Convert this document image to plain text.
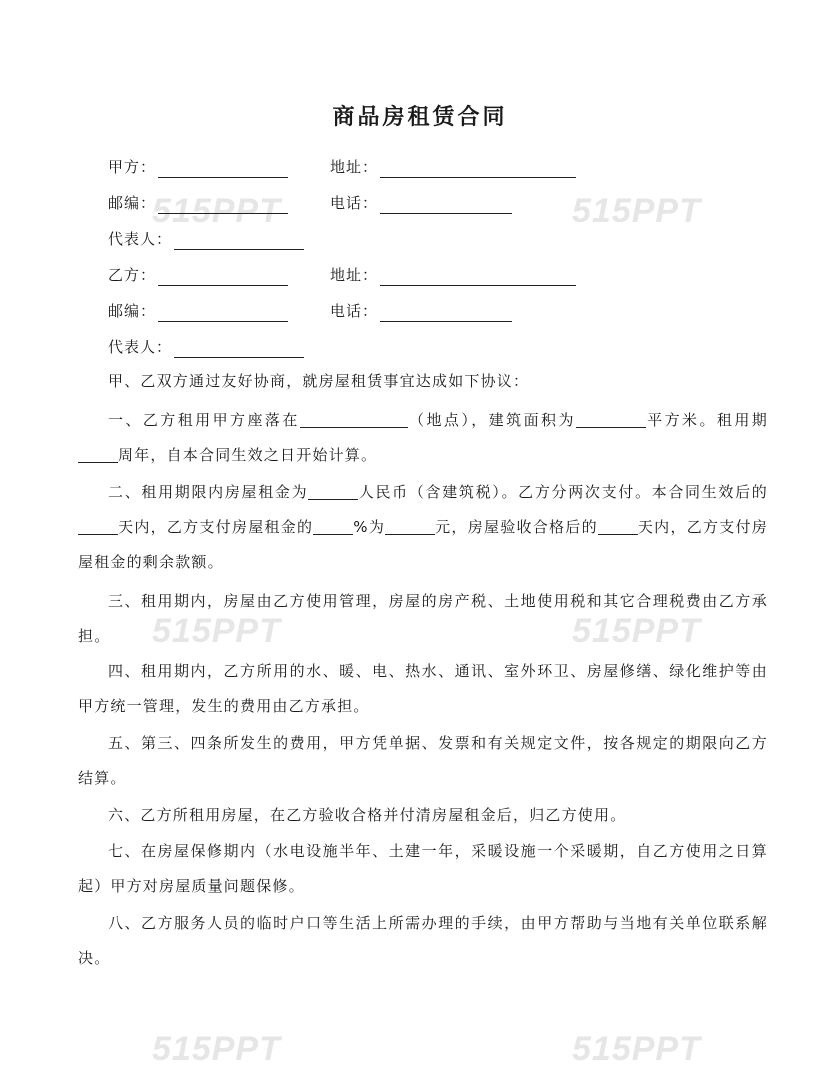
515PPT	515PPT
515PPT	515PPT
515PPT	515PPT
商品房租赁合同
甲方：	地址：
邮编：	电话：
代表人：
乙方：	地址：
邮编：	电话：
代表人：
甲、乙双方通过友好协商，就房屋租赁事宜达成如下协议：
一、乙方租用甲方座落在	（地点），建筑面积为	平方米。租用期周年，自本合同生效之日开始计算。
二、租用期限内房屋租金为	人民币（含建筑税）。乙方分两次支付。本合同生效后的天内，乙方支付房屋租金的	%为	元，房屋验收合格后的	天内，乙方支付房屋租金的剩余款额。
三、租用期内，房屋由乙方使用管理，房屋的房产税、土地使用税和其它合理税费由乙方承担。
四、租用期内，乙方所用的水、暖、电、热水、通讯、室外环卫、房屋修缮、绿化维护等由甲方统一管理，发生的费用由乙方承担。
五、第三、四条所发生的费用，甲方凭单据、发票和有关规定文件，按各规定的期限向乙方结算。
六、乙方所租用房屋，在乙方验收合格并付清房屋租金后，归乙方使用。
七、在房屋保修期内（水电设施半年、土建一年，采暖设施一个采暖期，自乙方使用之日算起）甲方对房屋质量问题保修。
八、乙方服务人员的临时户口等生活上所需办理的手续，由甲方帮助与当地有关单位联系解决。
